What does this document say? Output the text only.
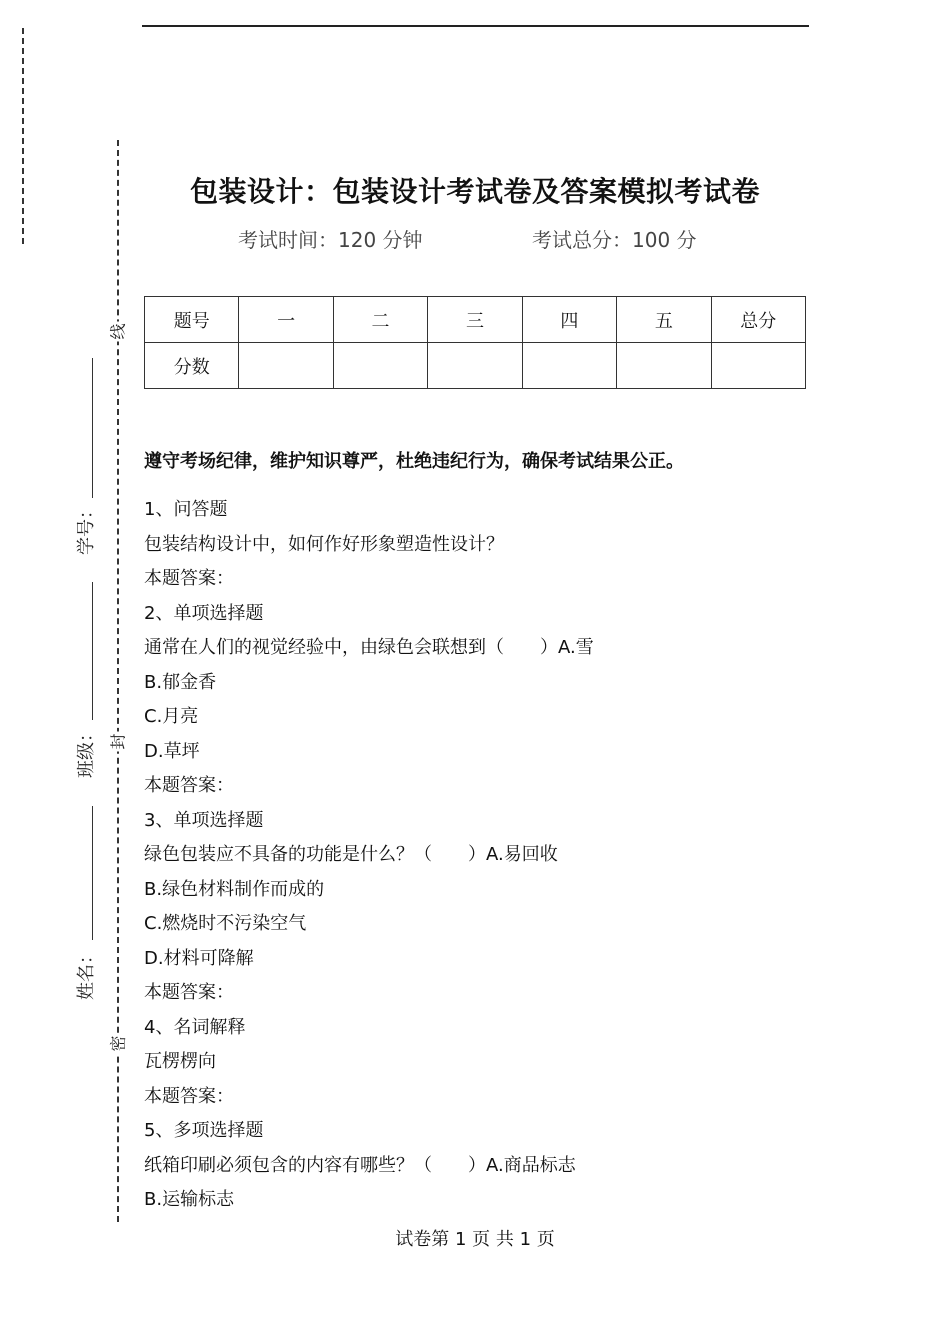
线
封
密
学号：
班级：
姓名：
包装设计：包装设计考试卷及答案模拟考试卷
考试时间：120 分钟	考试总分：100 分
题号	一	二	三	四	五	总分
分数						
遵守考场纪律，维护知识尊严，杜绝违纪行为，确保考试结果公正。
1、问答题
包装结构设计中，如何作好形象塑造性设计？
本题答案：
2、单项选择题
通常在人们的视觉经验中，由绿色会联想到（　　）A.雪
B.郁金香
C.月亮
D.草坪
本题答案：
3、单项选择题
绿色包装应不具备的功能是什么？（　　）A.易回收
B.绿色材料制作而成的
C.燃烧时不污染空气
D.材料可降解
本题答案：
4、名词解释
瓦楞楞向
本题答案：
5、多项选择题
纸箱印刷必须包含的内容有哪些？（　　）A.商品标志
B.运输标志
试卷第 1 页 共 1 页
